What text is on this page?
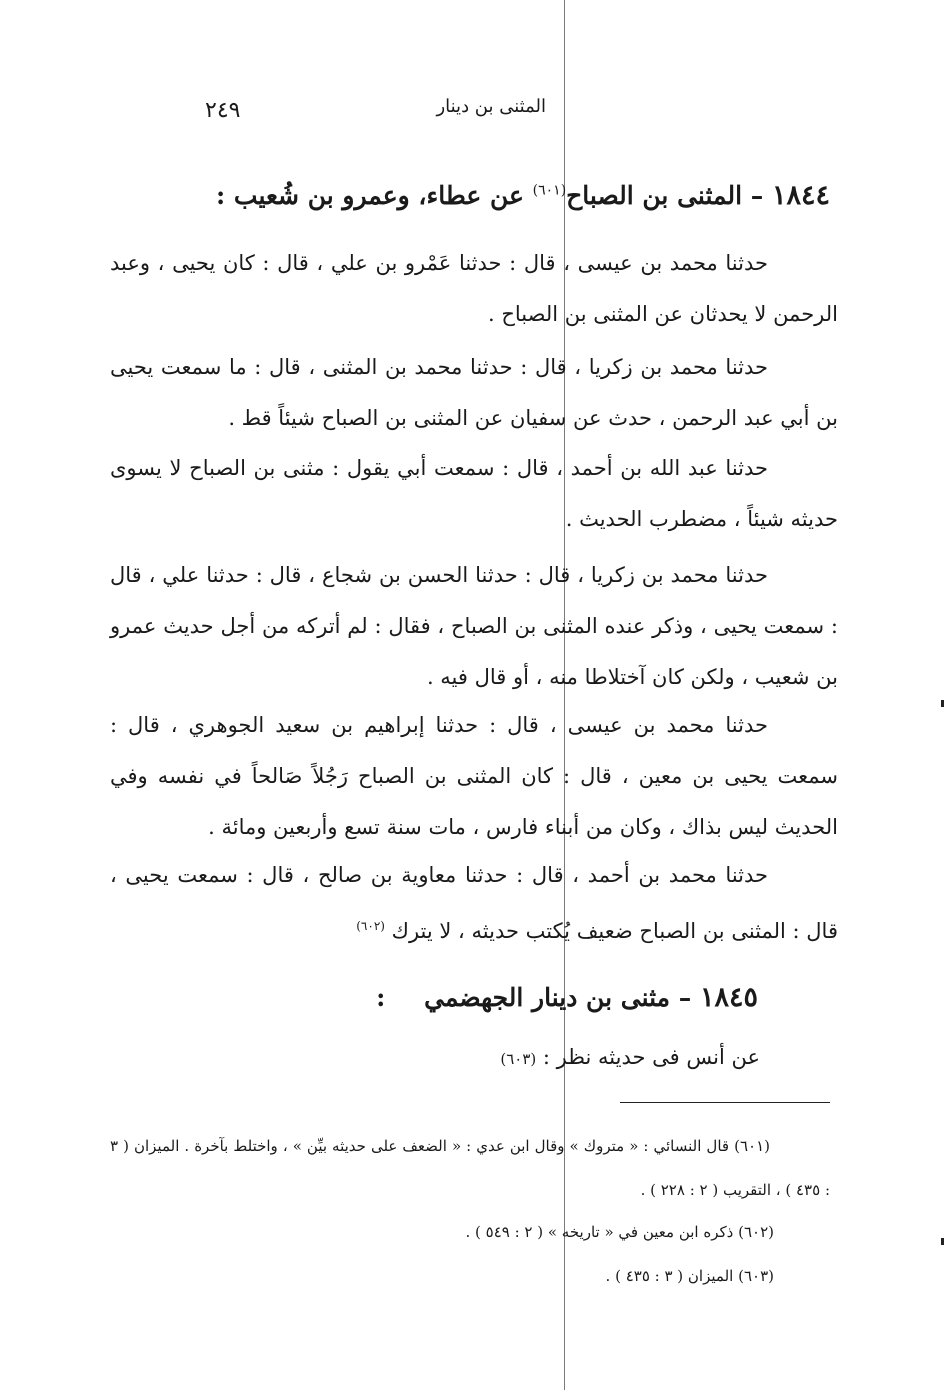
المثنى بن دينار
٢٤٩
١٨٤٤ – المثنى بن الصباح$^{(٦٠١)}$ عن عطاء، وعمرو بن شُعيب :
حدثنا محمد بن عيسى ، قال : حدثنا عَمْرو بن علي ، قال : كان يحيى ، وعبد الرحمن لا يحدثان عن المثنى بن الصباح .
حدثنا محمد بن زكريا ، قال : حدثنا محمد بن المثنى ، قال : ما سمعت يحيى بن أبي عبد الرحمن ، حدث عن سفيان عن المثنى بن الصباح شيئاً قط .
حدثنا عبد الله بن أحمد ، قال : سمعت أبي يقول : مثنى بن الصباح لا يسوى حديثه شيئاً ، مضطرب الحديث .
حدثنا محمد بن زكريا ، قال : حدثنا الحسن بن شجاع ، قال : حدثنا علي ، قال : سمعت يحيى ، وذكر عنده المثنى بن الصباح ، فقال : لم أتركه من أجل حديث عمرو بن شعيب ، ولكن كان آختلاطا منه ، أو قال فيه .
حدثنا محمد بن عيسى ، قال : حدثنا إبراهيم بن سعيد الجوهري ، قال : سمعت يحيى بن معين ، قال : كان المثنى بن الصباح رَجُلاً صَالحاً في نفسه وفي الحديث ليس بذاك ، وكان من أبناء فارس ، مات سنة تسع وأربعين ومائة .
حدثنا محمد بن أحمد ، قال : حدثنا معاوية بن صالح ، قال : سمعت يحيى ، قال : المثنى بن الصباح ضعيف يُكتب حديثه ، لا يترك $^{(٦٠٢)}$
١٨٤٥ – مثنى بن دينار الجهضمي :
عن أنس فى حديثه نظر : (٦٠٣)
(٦٠١) قال النسائي : « متروك » وقال ابن عدي : « الضعف على حديثه بيِّن » ، واختلط بآخرة . الميزان ( ٣ : ٤٣٥ ) ، التقريب ( ٢ : ٢٢٨ ) .
(٦٠٢) ذكره ابن معين في « تاريخه » ( ٢ : ٥٤٩ ) .
(٦٠٣) الميزان ( ٣ : ٤٣٥ ) .
